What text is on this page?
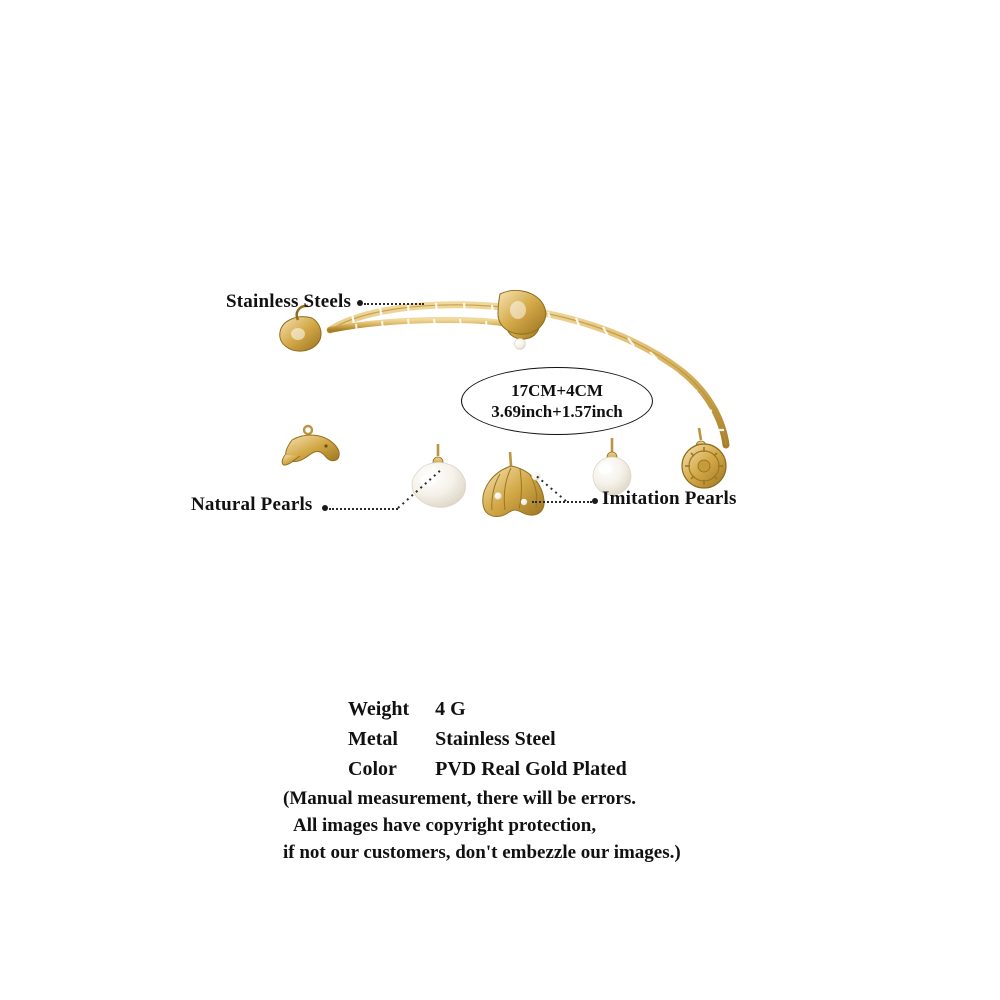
Stainless Steels
Natural Pearls	Imitation Pearls
17CM+4CM
3.69inch+1.57inch
Weight	4 G
Metal	Stainless Steel
Color	PVD Real Gold Plated
(Manual measurement, there will be errors.
All images have copyright protection,
if not our customers, don't embezzle our images.)
